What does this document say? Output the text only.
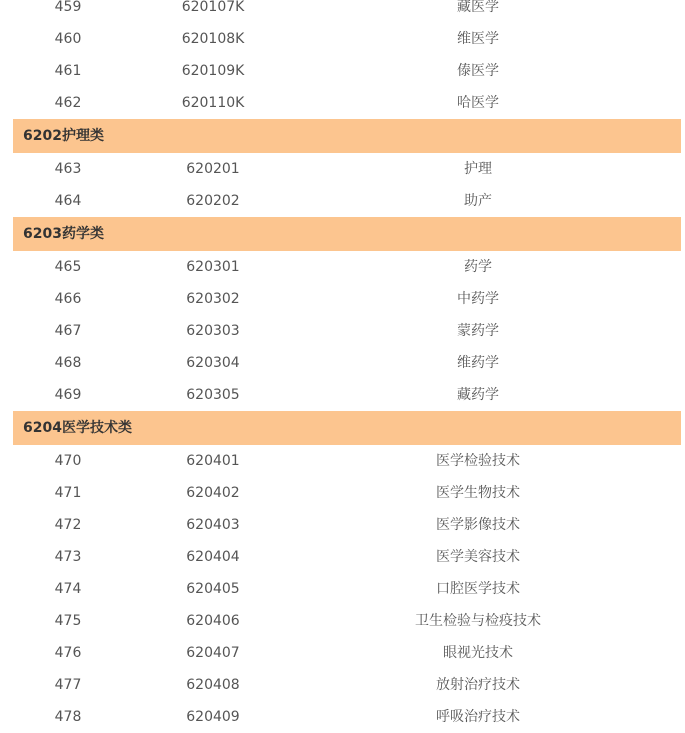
459	620107K	藏医学
460	620108K	维医学
461	620109K	傣医学
462	620110K	哈医学
6202护理类
463	620201	护理
464	620202	助产
6203药学类
465	620301	药学
466	620302	中药学
467	620303	蒙药学
468	620304	维药学
469	620305	藏药学
6204医学技术类
470	620401	医学检验技术
471	620402	医学生物技术
472	620403	医学影像技术
473	620404	医学美容技术
474	620405	口腔医学技术
475	620406	卫生检验与检疫技术
476	620407	眼视光技术
477	620408	放射治疗技术
478	620409	呼吸治疗技术
